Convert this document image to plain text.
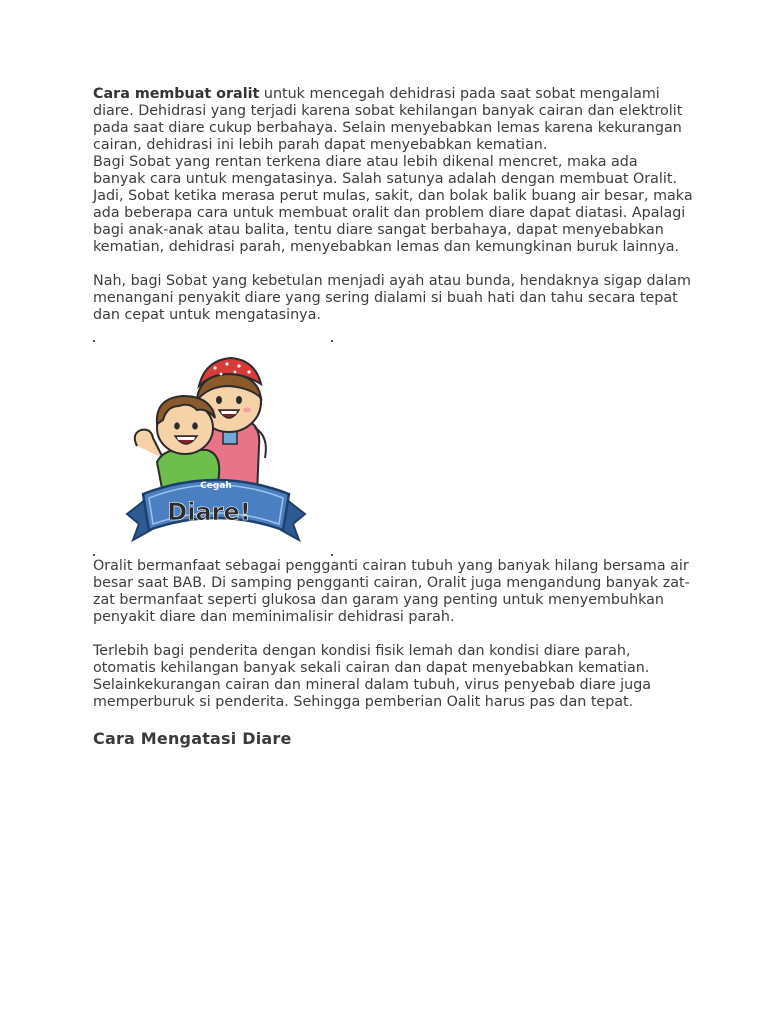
Cara membuat oralit untuk mencegah dehidrasi pada saat sobat mengalami diare. Dehidrasi yang terjadi karena sobat kehilangan banyak cairan dan elektrolit pada saat diare cukup berbahaya. Selain menyebabkan lemas karena kekurangan cairan, dehidrasi ini lebih parah dapat menyebabkan kematian.

Bagi Sobat yang rentan terkena diare atau lebih dikenal mencret, maka ada banyak cara untuk mengatasinya. Salah satunya adalah dengan membuat Oralit. Jadi, Sobat ketika merasa perut mulas, sakit, dan bolak balik buang air besar, maka ada beberapa cara untuk membuat oralit dan problem diare dapat diatasi. Apalagi bagi anak-anak atau balita, tentu diare sangat berbahaya, dapat menyebabkan kematian, dehidrasi parah, menyebabkan lemas dan kemungkinan buruk lainnya.

Nah, bagi Sobat yang kebetulan menjadi ayah atau bunda, hendaknya sigap dalam menangani penyakit diare yang sering dialami si buah hati dan tahu secara tepat dan cepat untuk mengatasinya.

Cegah
Diare!

Oralit bermanfaat sebagai pengganti cairan tubuh yang banyak hilang bersama air besar saat BAB. Di samping pengganti cairan, Oralit juga mengandung banyak zat-zat bermanfaat seperti glukosa dan garam yang penting untuk menyembuhkan penyakit diare dan meminimalisir dehidrasi parah.

Terlebih bagi penderita dengan kondisi fisik lemah dan kondisi diare parah, otomatis kehilangan banyak sekali cairan dan dapat menyebabkan kematian. Selainkekurangan cairan dan mineral dalam tubuh, virus penyebab diare juga memperburuk si penderita. Sehingga pemberian Oalit harus pas dan tepat.

Cara Mengatasi Diare
